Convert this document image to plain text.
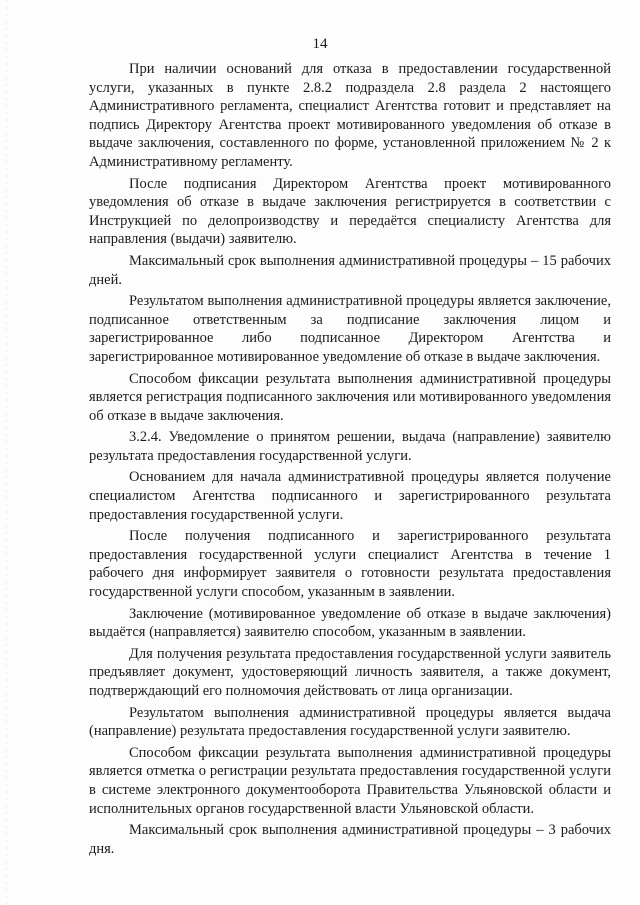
14

При наличии оснований для отказа в предоставлении государственной услуги, указанных в пункте 2.8.2 подраздела 2.8 раздела 2 настоящего Административного регламента, специалист Агентства готовит и представляет на подпись Директору Агентства проект мотивированного уведомления об отказе в выдаче заключения, составленного по форме, установленной приложением № 2 к Административному регламенту.

После подписания Директором Агентства проект мотивированного уведомления об отказе в выдаче заключения регистрируется в соответствии с Инструкцией по делопроизводству и передаётся специалисту Агентства для направления (выдачи) заявителю.

Максимальный срок выполнения административной процедуры – 15 рабочих дней.

Результатом выполнения административной процедуры является заключение, подписанное ответственным за подписание заключения лицом и зарегистрированное либо подписанное Директором Агентства и зарегистрированное мотивированное уведомление об отказе в выдаче заключения.

Способом фиксации результата выполнения административной процедуры является регистрация подписанного заключения или мотивированного уведомления об отказе в выдаче заключения.

3.2.4. Уведомление о принятом решении, выдача (направление) заявителю результата предоставления государственной услуги.

Основанием для начала административной процедуры является получение специалистом Агентства подписанного и зарегистрированного результата предоставления государственной услуги.

После получения подписанного и зарегистрированного результата предоставления государственной услуги специалист Агентства в течение 1 рабочего дня информирует заявителя о готовности результата предоставления государственной услуги способом, указанным в заявлении.

Заключение (мотивированное уведомление об отказе в выдаче заключения) выдаётся (направляется) заявителю способом, указанным в заявлении.

Для получения результата предоставления государственной услуги заявитель предъявляет документ, удостоверяющий личность заявителя, а также документ, подтверждающий его полномочия действовать от лица организации.

Результатом выполнения административной процедуры является выдача (направление) результата предоставления государственной услуги заявителю.

Способом фиксации результата выполнения административной процедуры является отметка о регистрации результата предоставления государственной услуги в системе электронного документооборота Правительства Ульяновской области и исполнительных органов государственной власти Ульяновской области.

Максимальный срок выполнения административной процедуры – 3 рабочих дня.
